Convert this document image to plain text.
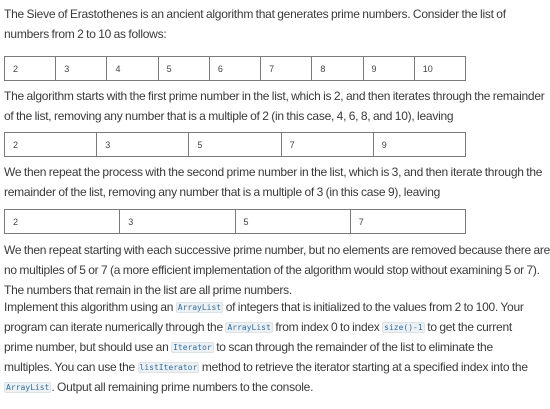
The Sieve of Erastothenes is an ancient algorithm that generates prime numbers. Consider the list of
numbers from 2 to 10 as follows:
2	3	4	5	6	7	8	9	10
The algorithm starts with the first prime number in the list, which is 2, and then iterates through the remainder
of the list, removing any number that is a multiple of 2 (in this case, 4, 6, 8, and 10), leaving
2	3	5	7	9
We then repeat the process with the second prime number in the list, which is 3, and then iterate through the
remainder of the list, removing any number that is a multiple of 3 (in this case 9), leaving
2	3	5	7
We then repeat starting with each successive prime number, but no elements are removed because there are
no multiples of 5 or 7 (a more efficient implementation of the algorithm would stop without examining 5 or 7).
The numbers that remain in the list are all prime numbers.
Implement this algorithm using an ArrayList of integers that is initialized to the values from 2 to 100. Your
program can iterate numerically through the ArrayList from index 0 to index size()-1 to get the current
prime number, but should use an Iterator to scan through the remainder of the list to eliminate the
multiples. You can use the listIterator method to retrieve the iterator starting at a specified index into the
ArrayList . Output all remaining prime numbers to the console.
